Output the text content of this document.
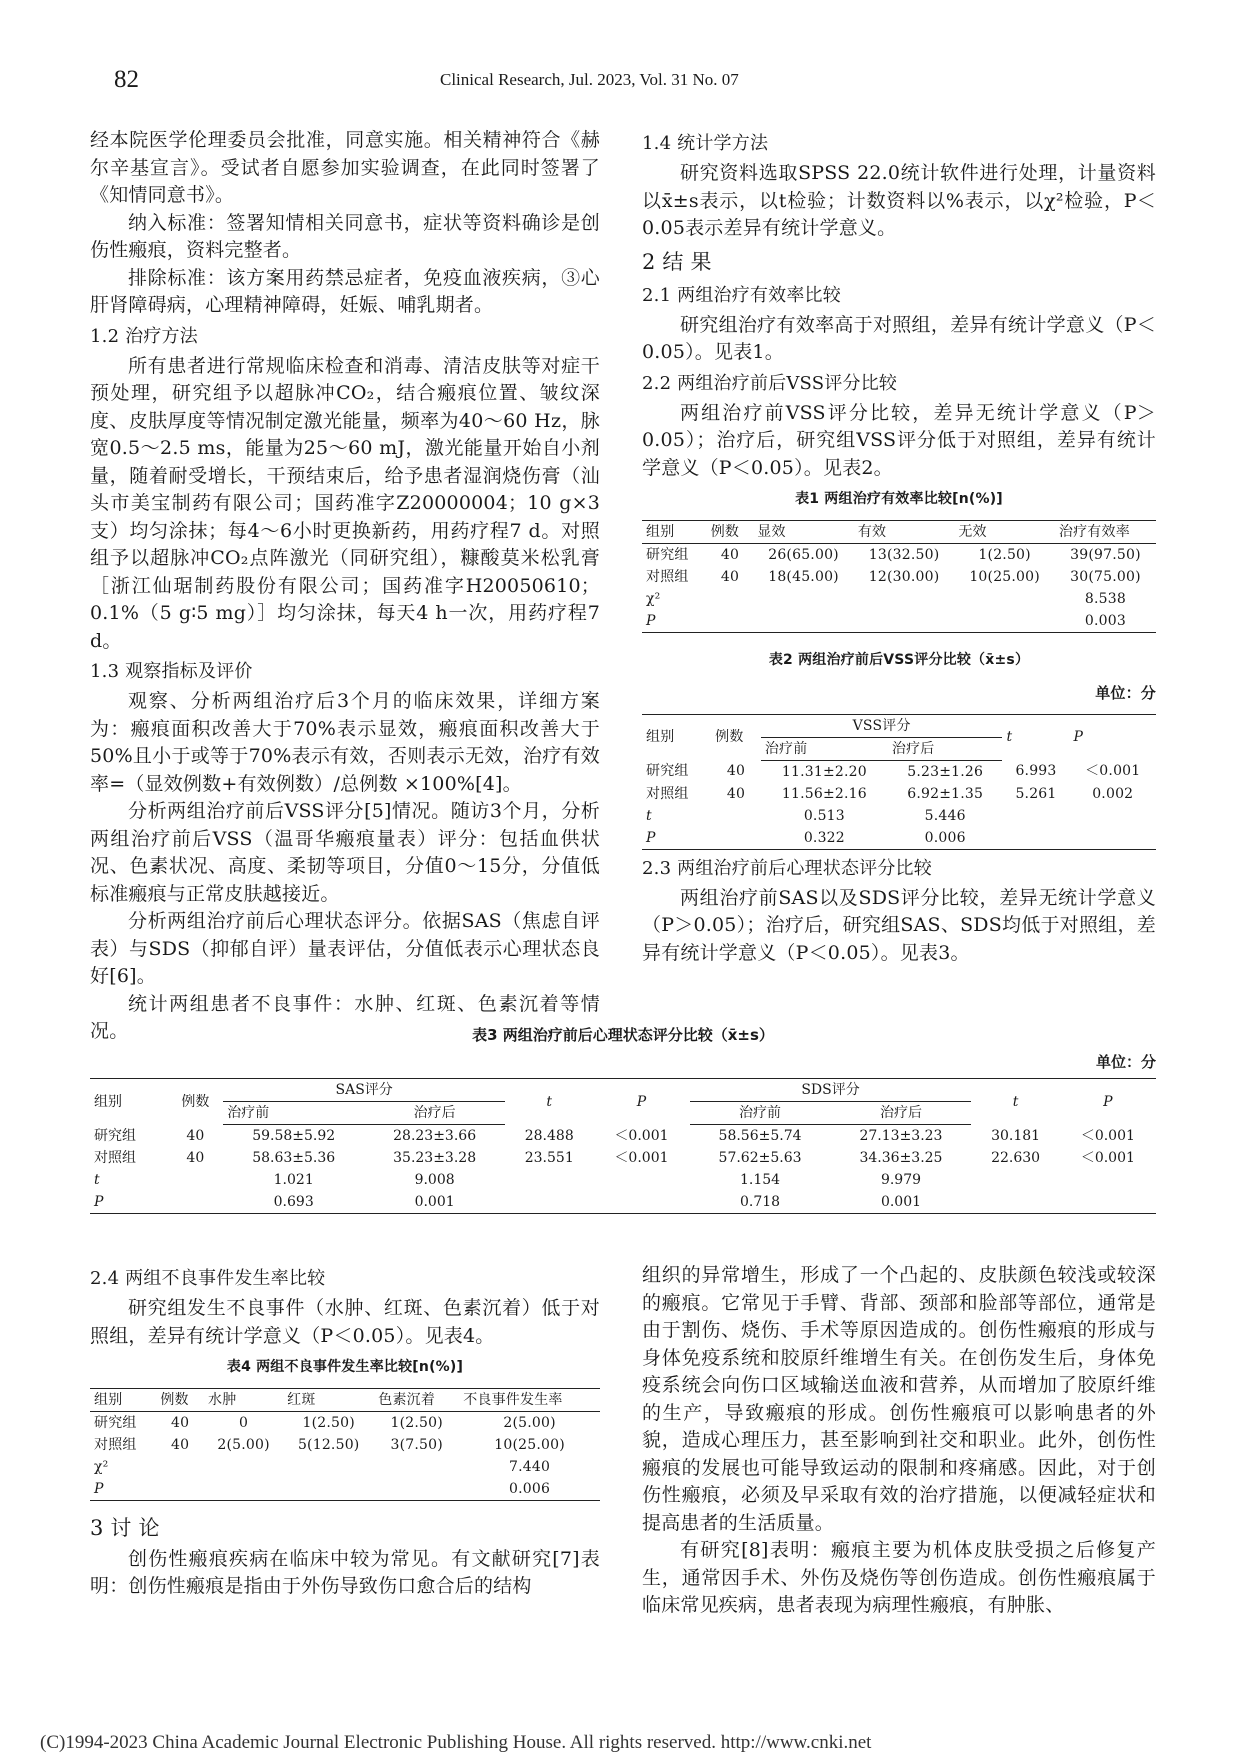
82	Clinical Research, Jul. 2023, Vol. 31 No. 07

经本院医学伦理委员会批准，同意实施。相关精神符合《赫尔辛基宣言》。受试者自愿参加实验调查，在此同时签署了《知情同意书》。

纳入标准：签署知情相关同意书，症状等资料确诊是创伤性瘢痕，资料完整者。

排除标准：该方案用药禁忌症者，免疫血液疾病，③心肝肾障碍病，心理精神障碍，妊娠、哺乳期者。

1.2 治疗方法

所有患者进行常规临床检查和消毒、清洁皮肤等对症干预处理，研究组予以超脉冲CO₂，结合瘢痕位置、皱纹深度、皮肤厚度等情况制定激光能量，频率为40～60 Hz，脉宽0.5～2.5 ms，能量为25～60 mJ，激光能量开始自小剂量，随着耐受增长，干预结束后，给予患者湿润烧伤膏（汕头市美宝制药有限公司；国药准字Z20000004；10 g×3支）均匀涂抹；每4～6小时更换新药，用药疗程7 d。对照组予以超脉冲CO₂点阵激光（同研究组），糠酸莫米松乳膏［浙江仙琚制药股份有限公司；国药准字H20050610；0.1%（5 g∶5 mg）］均匀涂抹，每天4 h一次，用药疗程7 d。

1.3 观察指标及评价

观察、分析两组治疗后3个月的临床效果，详细方案为：瘢痕面积改善大于70%表示显效，瘢痕面积改善大于50%且小于或等于70%表示有效，否则表示无效，治疗有效率=（显效例数+有效例数）/总例数 ×100%[4]。

分析两组治疗前后VSS评分[5]情况。随访3个月，分析两组治疗前后VSS（温哥华瘢痕量表）评分：包括血供状况、色素状况、高度、柔韧等项目，分值0～15分，分值低标准瘢痕与正常皮肤越接近。

分析两组治疗前后心理状态评分。依据SAS（焦虑自评表）与SDS（抑郁自评）量表评估，分值低表示心理状态良好[6]。

统计两组患者不良事件：水肿、红斑、色素沉着等情况。

1.4 统计学方法

研究资料选取SPSS 22.0统计软件进行处理，计量资料以x̄±s表示，以t检验；计数资料以%表示，以χ²检验，P＜0.05表示差异有统计学意义。

2 结 果
2.1 两组治疗有效率比较

研究组治疗有效率高于对照组，差异有统计学意义（P＜0.05）。见表1。

2.2 两组治疗前后VSS评分比较

两组治疗前VSS评分比较，差异无统计学意义（P＞0.05）；治疗后，研究组VSS评分低于对照组，差异有统计学意义（P＜0.05）。见表2。

表1 两组治疗有效率比较[n(%)]
组别	例数	显效	有效	无效	治疗有效率
研究组	40	26(65.00)	13(32.50)	1(2.50)	39(97.50)
对照组	40	18(45.00)	12(30.00)	10(25.00)	30(75.00)
χ²					8.538
P					0.003
表2 两组治疗前后VSS评分比较（x̄±s）
单位：分
组别	例数	VSS评分		t	P
		治疗前	治疗后		
研究组	40	11.31±2.20	5.23±1.26	6.993	＜0.001
对照组	40	11.56±2.16	6.92±1.35	5.261	0.002
t		0.513	5.446		
P		0.322	0.006		
2.3 两组治疗前后心理状态评分比较

两组治疗前SAS以及SDS评分比较，差异无统计学意义（P＞0.05）；治疗后，研究组SAS、SDS均低于对照组，差异有统计学意义（P＜0.05）。见表3。

表3 两组治疗前后心理状态评分比较（x̄±s）
单位：分
组别	例数	SAS评分		t	P	SDS评分		t	P
		治疗前	治疗后			治疗前	治疗后		
研究组	40	59.58±5.92	28.23±3.66	28.488	＜0.001	58.56±5.74	27.13±3.23	30.181	＜0.001
对照组	40	58.63±5.36	35.23±3.28	23.551	＜0.001	57.62±5.63	34.36±3.25	22.630	＜0.001
t		1.021	9.008			1.154	9.979		
P		0.693	0.001			0.718	0.001		
2.4 两组不良事件发生率比较

研究组发生不良事件（水肿、红斑、色素沉着）低于对照组，差异有统计学意义（P＜0.05）。见表4。

表4 两组不良事件发生率比较[n(%)]
组别	例数	水肿	红斑	色素沉着	不良事件发生率
研究组	40	0	1(2.50)	1(2.50)	2(5.00)
对照组	40	2(5.00)	5(12.50)	3(7.50)	10(25.00)
χ²					7.440
P					0.006
3 讨 论

创伤性瘢痕疾病在临床中较为常见。有文献研究[7]表明：创伤性瘢痕是指由于外伤导致伤口愈合后的结构

组织的异常增生，形成了一个凸起的、皮肤颜色较浅或较深的瘢痕。它常见于手臂、背部、颈部和脸部等部位，通常是由于割伤、烧伤、手术等原因造成的。创伤性瘢痕的形成与身体免疫系统和胶原纤维增生有关。在创伤发生后，身体免疫系统会向伤口区域输送血液和营养，从而增加了胶原纤维的生产，导致瘢痕的形成。创伤性瘢痕可以影响患者的外貌，造成心理压力，甚至影响到社交和职业。此外，创伤性瘢痕的发展也可能导致运动的限制和疼痛感。因此，对于创伤性瘢痕，必须及早采取有效的治疗措施，以便减轻症状和提高患者的生活质量。

有研究[8]表明：瘢痕主要为机体皮肤受损之后修复产生，通常因手术、外伤及烧伤等创伤造成。创伤性瘢痕属于临床常见疾病，患者表现为病理性瘢痕，有肿胀、

(C)1994-2023 China Academic Journal Electronic Publishing House. All rights reserved. http://www.cnki.net
